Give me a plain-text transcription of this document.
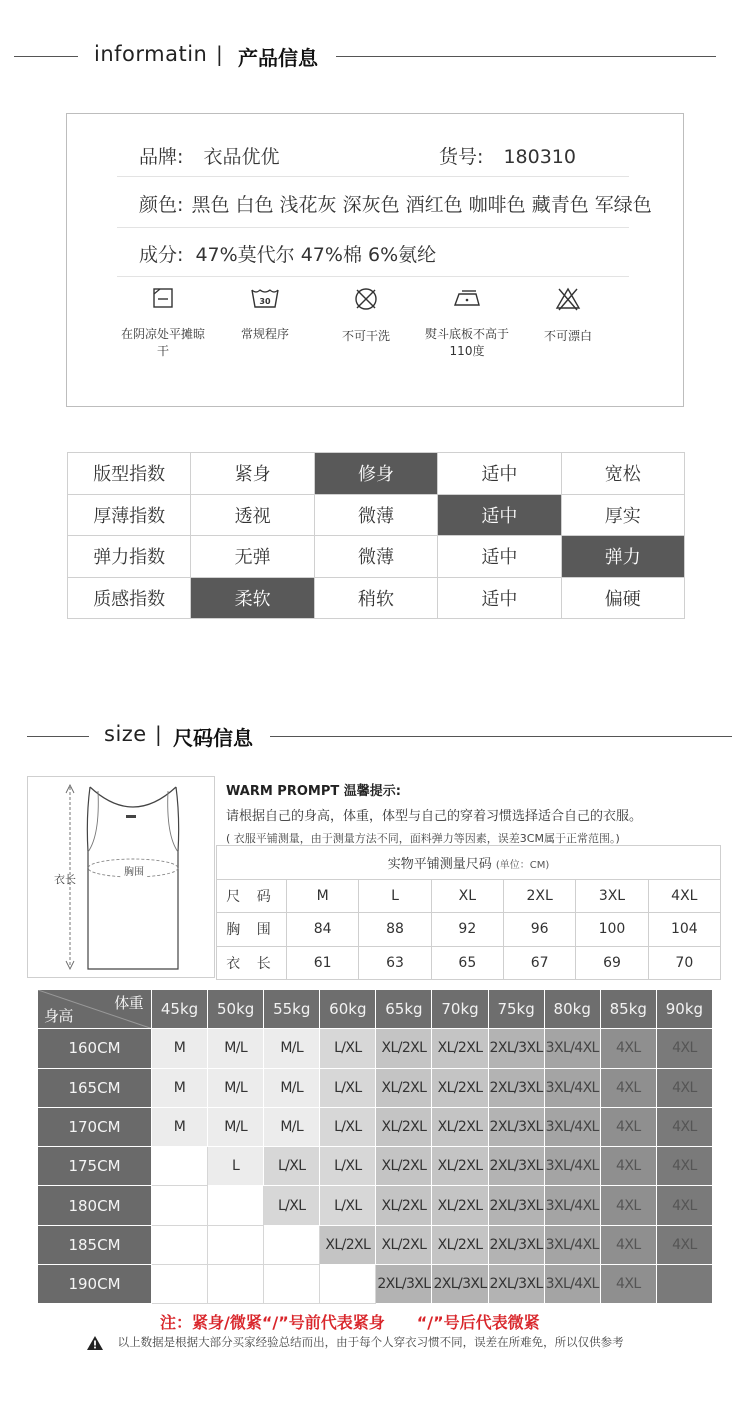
informatin | 产品信息
品牌: 衣品优优	货号: 180310
颜色: 黑色 白色 浅花灰 深灰色 酒红色 咖啡色 藏青色 军绿色
成分: 47%莫代尔 47%棉 6%氨纶
在阴凉处平摊晾
干
30
常规程序	不可干洗	熨斗底板不高于
110度
不可漂白
版型指数	紧身	修身	适中	宽松
厚薄指数	透视	微薄	适中	厚实
弹力指数	无弹	微薄	适中	弹力
质感指数	柔软	稍软	适中	偏硬
size | 尺码信息
衣长
胸围
WARM PROMPT 温馨提示:
请根据自己的身高，体重，体型与自己的穿着习惯选择适合自己的衣服。
( 衣服平铺测量，由于测量方法不同，面料弹力等因素，误差3CM属于正常范围。)
实物平铺测量尺码 (单位：CM)						
尺 码	M	L	XL	2XL	3XL	4XL
胸 围	84	88	92	96	100	104
衣 长	61	63	65	67	69	70
体重
身高	45kg	50kg	55kg	60kg	65kg	70kg	75kg	80kg	85kg	90kg
160CM	M	M/L	M/L	L/XL	XL/2XL	XL/2XL	2XL/3XL	3XL/4XL	4XL	4XL
165CM	M	M/L	M/L	L/XL	XL/2XL	XL/2XL	2XL/3XL	3XL/4XL	4XL	4XL
170CM	M	M/L	M/L	L/XL	XL/2XL	XL/2XL	2XL/3XL	3XL/4XL	4XL	4XL
175CM		L	L/XL	L/XL	XL/2XL	XL/2XL	2XL/3XL	3XL/4XL	4XL	4XL
180CM			L/XL	L/XL	XL/2XL	XL/2XL	2XL/3XL	3XL/4XL	4XL	4XL
185CM				XL/2XL	XL/2XL	XL/2XL	2XL/3XL	3XL/4XL	4XL	4XL
190CM					2XL/3XL	2XL/3XL	2XL/3XL	3XL/4XL	4XL	
注：紧身/微紧“/”号前代表紧身　　“/”号后代表微紧
以上数据是根据大部分买家经验总结而出，由于每个人穿衣习惯不同，误差在所难免，所以仅供参考
